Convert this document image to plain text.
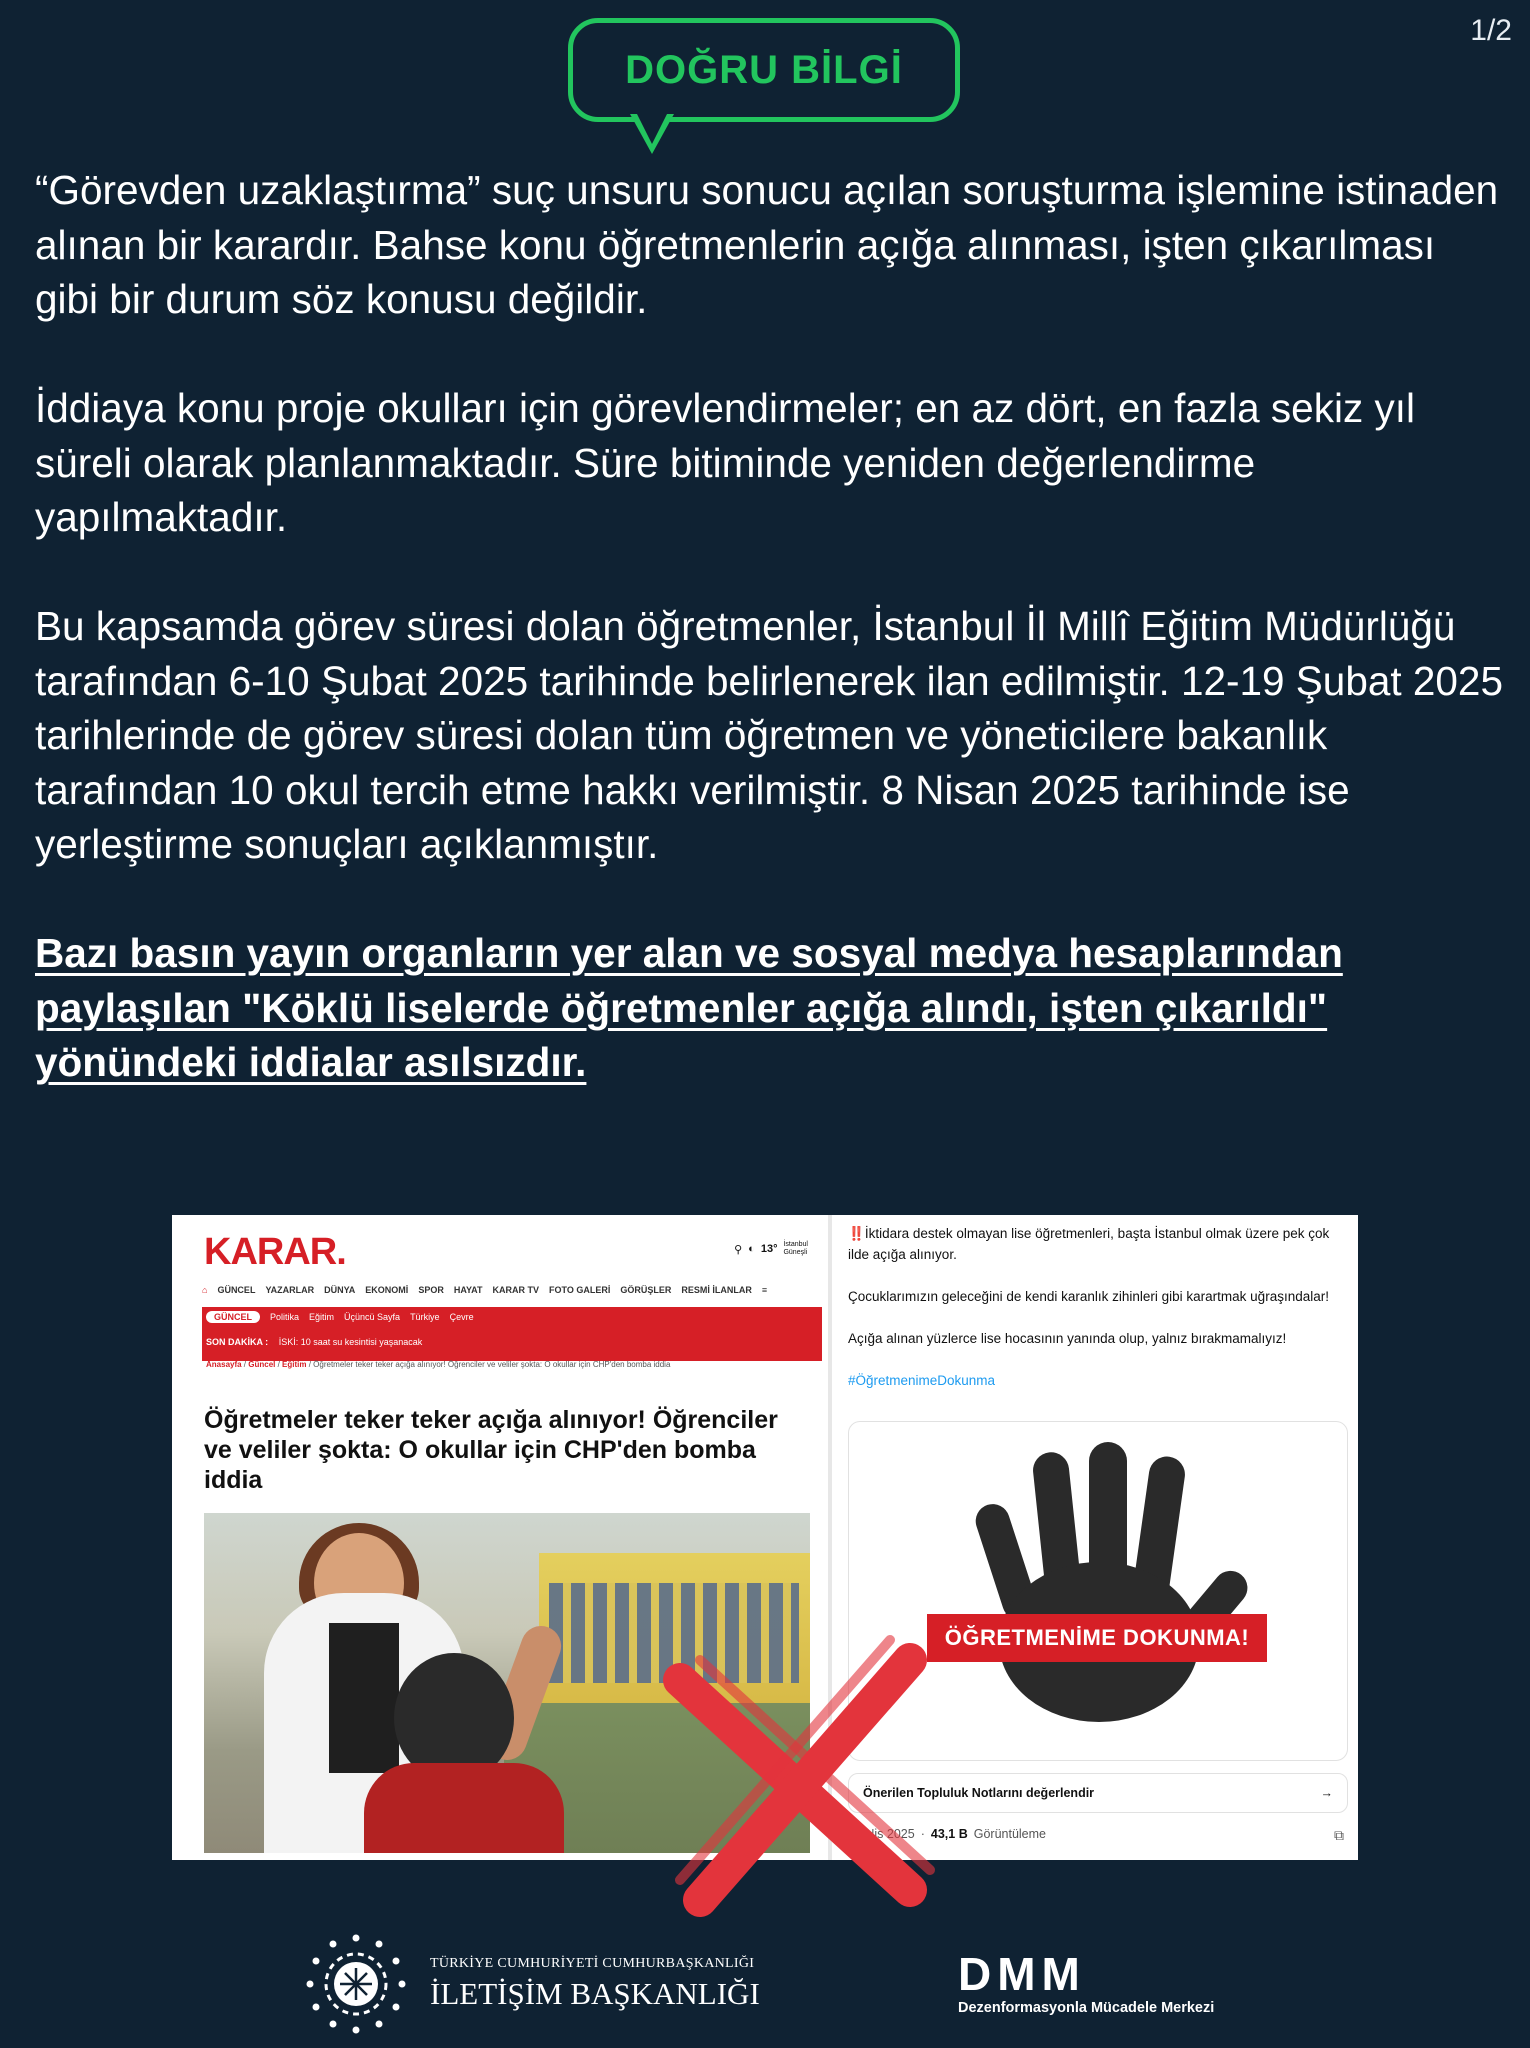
1/2
DOĞRU BİLGİ

“Görevden uzaklaştırma” suç unsuru sonucu açılan soruşturma işlemine istinaden alınan bir karardır. Bahse konu öğretmenlerin açığa alınması, işten çıkarılması gibi bir durum söz konusu değildir.

İddiaya konu proje okulları için görevlendirmeler; en az dört, en fazla sekiz yıl süreli olarak planlanmaktadır. Süre bitiminde yeniden değerlendirme yapılmaktadır.

Bu kapsamda görev süresi dolan öğretmenler, İstanbul İl Millî Eğitim Müdürlüğü tarafından 6-10 Şubat 2025 tarihinde belirlenerek ilan edilmiştir. 12-19 Şubat 2025 tarihlerinde de görev süresi dolan tüm öğretmen ve yöneticilere bakanlık tarafından 10 okul tercih etme hakkı verilmiştir. 8 Nisan 2025 tarihinde ise yerleştirme sonuçları açıklanmıştır.

Bazı basın yayın organların yer alan ve sosyal medya hesaplarından paylaşılan "Köklü liselerde öğretmenler açığa alındı, işten çıkarıldı" yönündeki iddialar asılsızdır.

KARAR.	⚲ ◐ 13° İstanbul
Güneşli
⌂ GÜNCEL YAZARLAR DÜNYA EKONOMİ SPOR HAYAT KARAR TV FOTO GALERİ GÖRÜŞLER RESMİ İLANLAR ≡
GÜNCEL	Politika Eğitim Üçüncü Sayfa Türkiye Çevre
SON DAKİKA : İSKİ: 10 saat su kesintisi yaşanacak
Anasayfa / Güncel / Eğitim / Öğretmeler teker teker açığa alınıyor! Öğrenciler ve veliler şokta: O okullar için CHP'den bomba iddia
Öğretmeler teker teker açığa alınıyor! Öğrenciler ve veliler şokta: O okullar için CHP'den bomba iddia

‼️İktidara destek olmayan lise öğretmenleri, başta İstanbul olmak üzere pek çok ilde açığa alınıyor.

Çocuklarımızın geleceğini de kendi karanlık zihinleri gibi karartmak uğraşındalar!

Açığa alınan yüzlerce lise hocasının yanında olup, yalnız bırakmamalıyız!

#ÖğretmenimeDokunma

ÖĞRETMENİME DOKUNMA!
Önerilen Topluluk Notlarını değerlendir	→
12 Nis 2025 · 43,1 B Görüntüleme	⧉
TÜRKİYE CUMHURİYETİ CUMHURBAŞKANLIĞI
İLETİŞİM BAŞKANLIĞI	DMM
Dezenformasyonla Mücadele Merkezi
